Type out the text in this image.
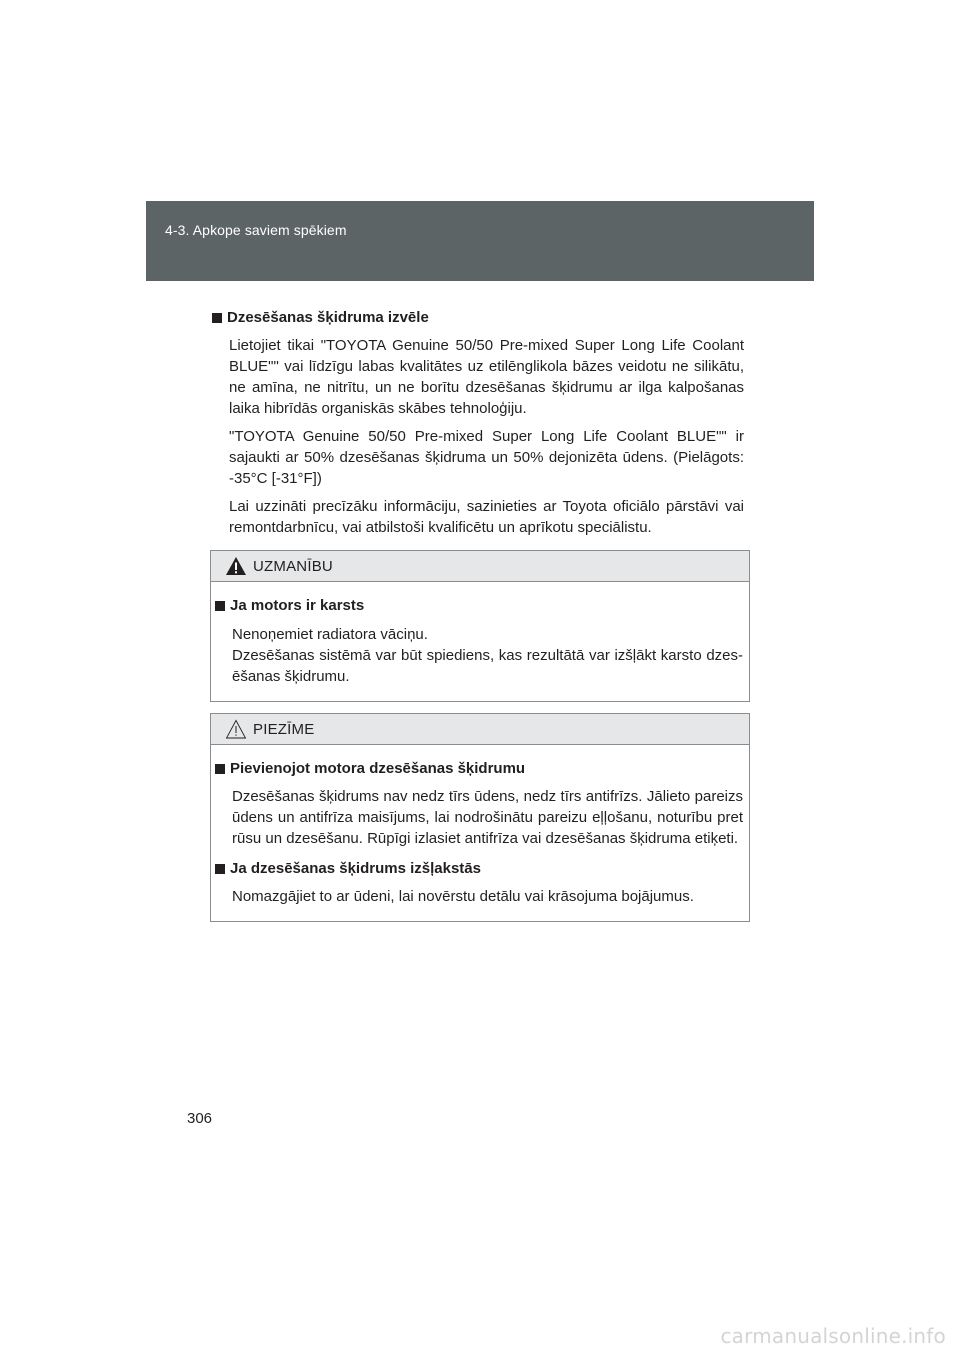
4-3. Apkope saviem spēkiem
Dzesēšanas šķidruma izvēle

Lietojiet tikai "TOYOTA Genuine 50/50 Pre-mixed Super Long Life Coolant BLUE"" vai līdzīgu labas kvalitātes uz etilēnglikola bāzes veidotu ne silikātu, ne amīna, ne nitrītu, un ne borītu dzesēšanas šķidrumu ar ilga kalpošanas laika hibrīdās organiskās skābes tehnoloģiju.

"TOYOTA Genuine 50/50 Pre-mixed Super Long Life Coolant BLUE"" ir sajaukti ar 50% dzesēšanas šķidruma un 50% dejonizēta ūdens. (Pielāgots: -35°C [-31°F])

Lai uzzināti precīzāku informāciju, sazinieties ar Toyota oficiālo pārstāvi vai remontdarbnīcu, vai atbilstoši kvalificētu un aprīkotu speciālistu.

UZMANĪBU
Ja motors ir karsts

Nenoņemiet radiatora vāciņu.
Dzesēšanas sistēmā var būt spiediens, kas rezultātā var izšļākt karsto dzes-ēšanas šķidrumu.

PIEZĪME
Pievienojot motora dzesēšanas šķidrumu

Dzesēšanas šķidrums nav nedz tīrs ūdens, nedz tīrs antifrīzs. Jālieto pareizs ūdens un antifrīza maisījums, lai nodrošinātu pareizu eļļošanu, noturību pret rūsu un dzesēšanu. Rūpīgi izlasiet antifrīza vai dzesēšanas šķidruma etiķeti.

Ja dzesēšanas šķidrums izšļakstās

Nomazgājiet to ar ūdeni, lai novērstu detālu vai krāsojuma bojājumus.

306
carmanualsonline.info
